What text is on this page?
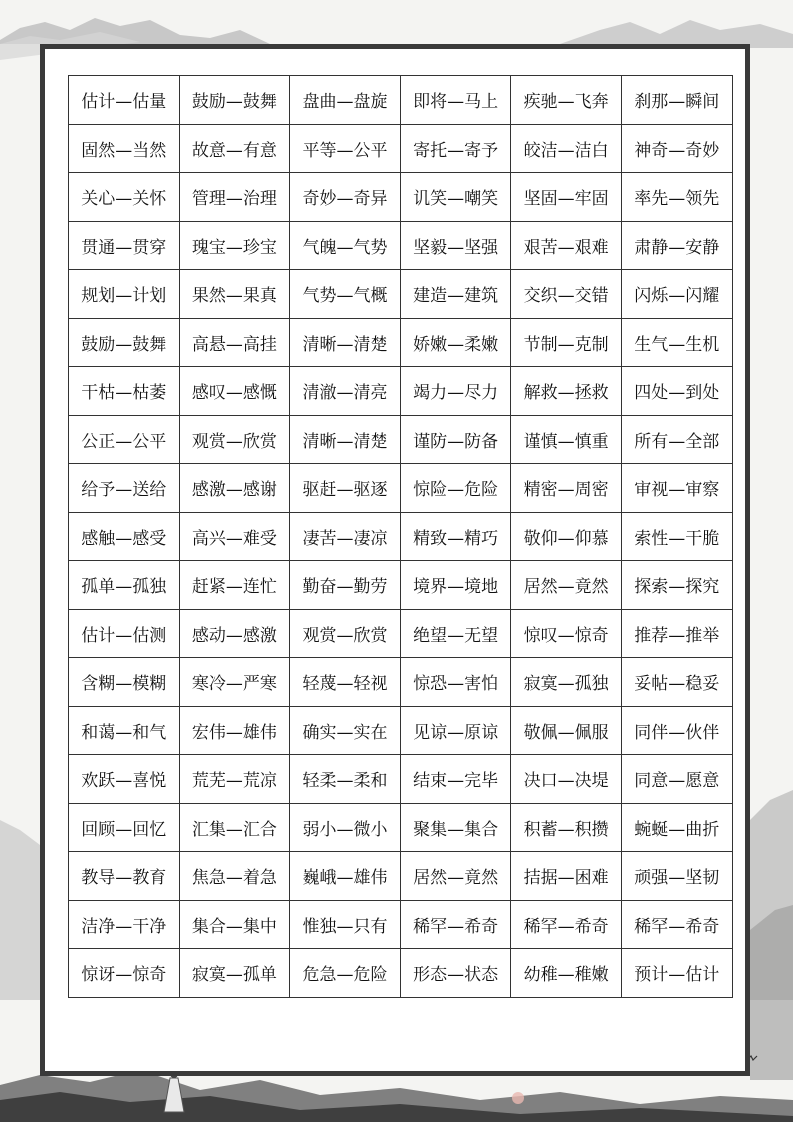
估计—估量	鼓励—鼓舞	盘曲—盘旋	即将—马上	疾驰—飞奔	刹那—瞬间
固然—当然	故意—有意	平等—公平	寄托—寄予	皎洁—洁白	神奇—奇妙
关心—关怀	管理—治理	奇妙—奇异	讥笑—嘲笑	坚固—牢固	率先—领先
贯通—贯穿	瑰宝—珍宝	气魄—气势	坚毅—坚强	艰苦—艰难	肃静—安静
规划—计划	果然—果真	气势—气概	建造—建筑	交织—交错	闪烁—闪耀
鼓励—鼓舞	高悬—高挂	清晰—清楚	娇嫩—柔嫩	节制—克制	生气—生机
干枯—枯萎	感叹—感慨	清澈—清亮	竭力—尽力	解救—拯救	四处—到处
公正—公平	观赏—欣赏	清晰—清楚	谨防—防备	谨慎—慎重	所有—全部
给予—送给	感激—感谢	驱赶—驱逐	惊险—危险	精密—周密	审视—审察
感触—感受	高兴—难受	凄苦—凄凉	精致—精巧	敬仰—仰慕	索性—干脆
孤单—孤独	赶紧—连忙	勤奋—勤劳	境界—境地	居然—竟然	探索—探究
估计—估测	感动—感激	观赏—欣赏	绝望—无望	惊叹—惊奇	推荐—推举
含糊—模糊	寒冷—严寒	轻蔑—轻视	惊恐—害怕	寂寞—孤独	妥帖—稳妥
和蔼—和气	宏伟—雄伟	确实—实在	见谅—原谅	敬佩—佩服	同伴—伙伴
欢跃—喜悦	荒芜—荒凉	轻柔—柔和	结束—完毕	决口—决堤	同意—愿意
回顾—回忆	汇集—汇合	弱小—微小	聚集—集合	积蓄—积攒	蜿蜒—曲折
教导—教育	焦急—着急	巍峨—雄伟	居然—竟然	拮据—困难	顽强—坚韧
洁净—干净	集合—集中	惟独—只有	稀罕—希奇	稀罕—希奇	稀罕—希奇
惊讶—惊奇	寂寞—孤单	危急—危险	形态—状态	幼稚—稚嫩	预计—估计
